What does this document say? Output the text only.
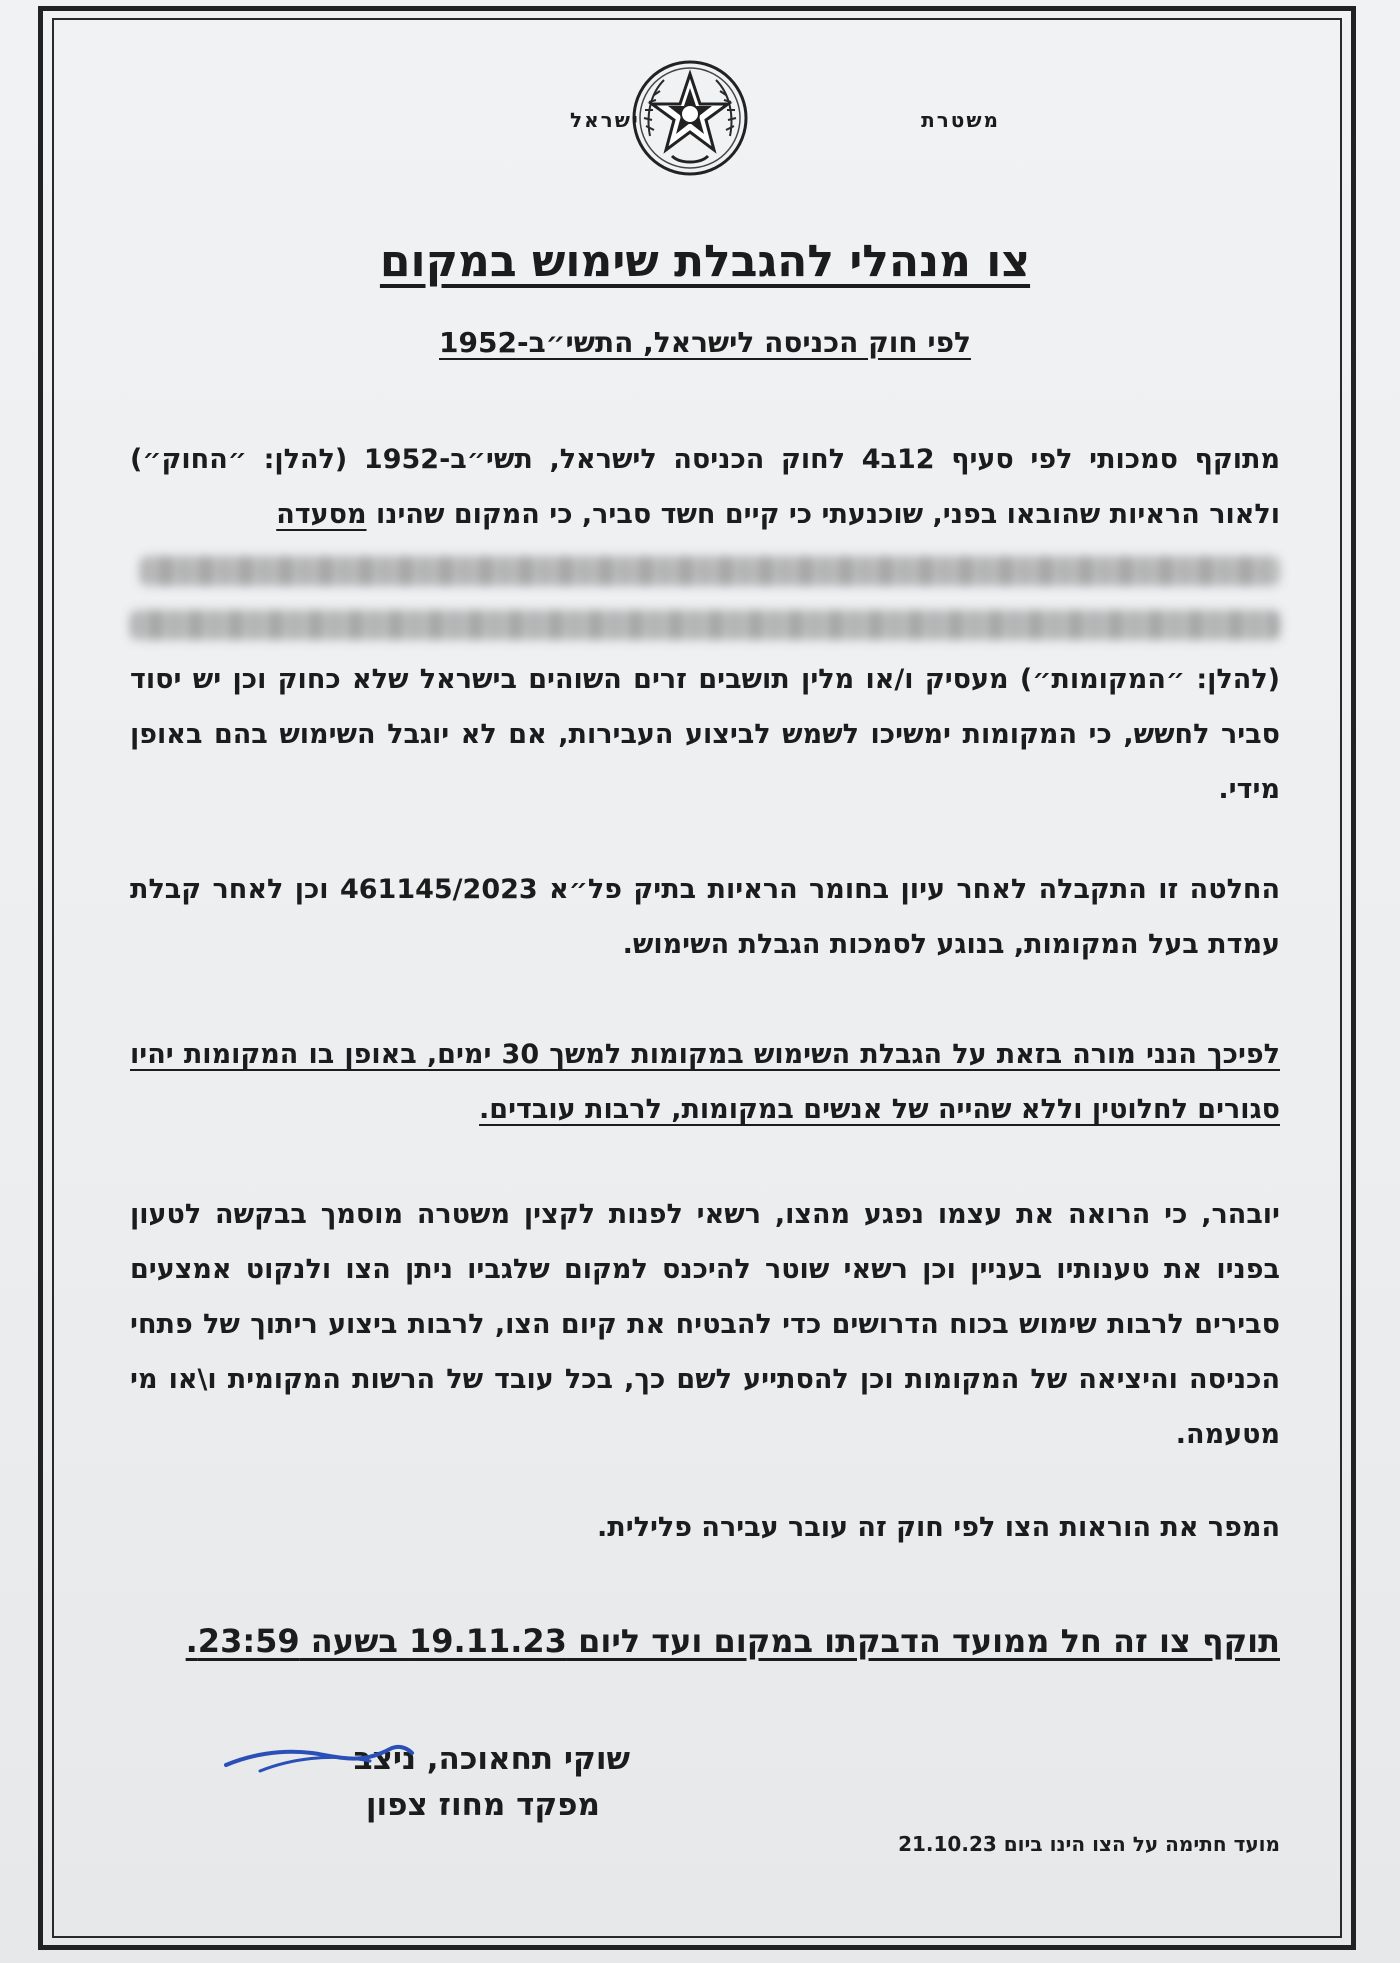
משטרת
ישראל
צו מנהלי להגבלת שימוש במקום
לפי חוק הכניסה לישראל, התשי״ב-1952
מתוקף סמכותי לפי סעיף 12ב4 לחוק הכניסה לישראל, תשי״ב-1952 (להלן: ״החוק״) ולאור הראיות שהובאו בפני, שוכנעתי כי קיים חשד סביר, כי המקום שהינו מסעדה
(להלן: ״המקומות״) מעסיק ו/או מלין תושבים זרים השוהים בישראל שלא כחוק וכן יש יסוד סביר לחשש, כי המקומות ימשיכו לשמש לביצוע העבירות, אם לא יוגבל השימוש בהם באופן מידי.
החלטה זו התקבלה לאחר עיון בחומר הראיות בתיק פל״א 461145/2023 וכן לאחר קבלת עמדת בעל המקומות, בנוגע לסמכות הגבלת השימוש.
לפיכך הנני מורה בזאת על הגבלת השימוש במקומות למשך 30 ימים, באופן בו המקומות יהיו סגורים לחלוטין וללא שהייה של אנשים במקומות, לרבות עובדים.
יובהר, כי הרואה את עצמו נפגע מהצו, רשאי לפנות לקצין משטרה מוסמך בבקשה לטעון בפניו את טענותיו בעניין וכן רשאי שוטר להיכנס למקום שלגביו ניתן הצו ולנקוט אמצעים סבירים לרבות שימוש בכוח הדרושים כדי להבטיח את קיום הצו, לרבות ביצוע ריתוך של פתחי הכניסה והיציאה של המקומות וכן להסתייע לשם כך, בכל עובד של הרשות המקומית ו\או מי מטעמה.
המפר את הוראות הצו לפי חוק זה עובר עבירה פלילית.
תוקף צו זה חל ממועד הדבקתו במקום ועד ליום 19.11.23 בשעה 23:59.
שוקי תחאוכה, ניצב
מפקד מחוז צפון
מועד חתימה על הצו הינו ביום 21.10.23
